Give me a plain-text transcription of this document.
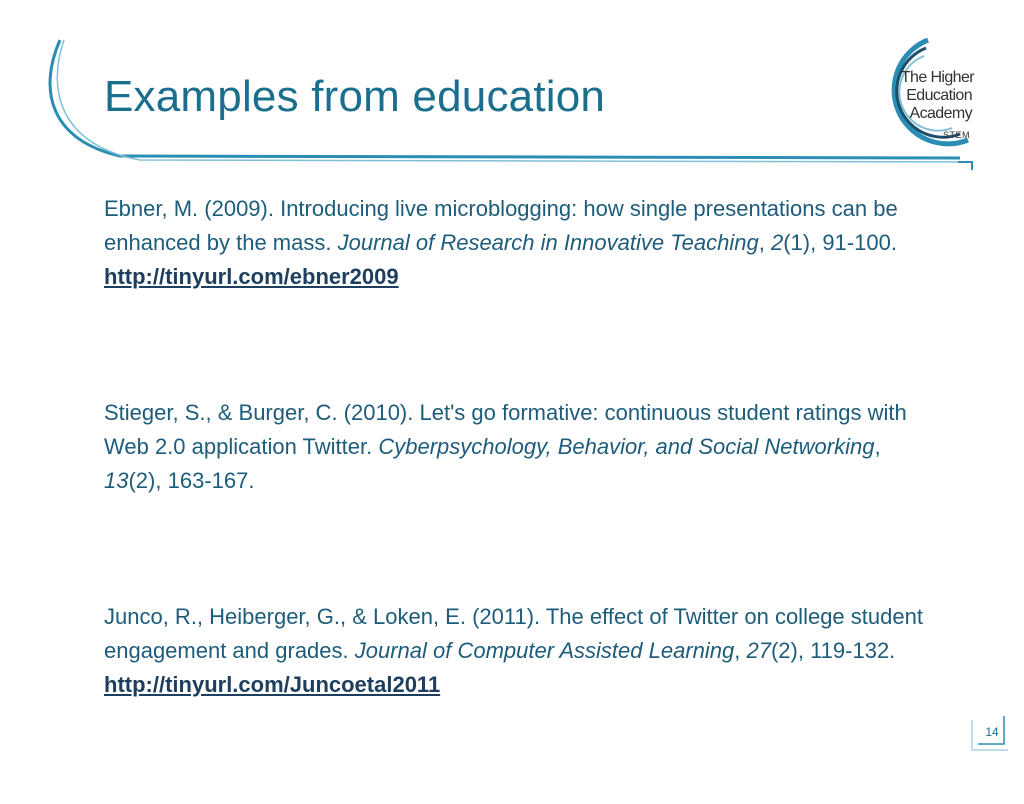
Examples from education	The Higher
Education
Academy
STEM

Ebner, M. (2009). Introducing live microblogging: how single presentations can be enhanced by the mass. Journal of Research in Innovative Teaching, 2(1), 91-100. http://tinyurl.com/ebner2009

Stieger, S., & Burger, C. (2010). Let's go formative: continuous student ratings with Web 2.0 application Twitter. Cyberpsychology, Behavior, and Social Networking, 13(2), 163-167.

Junco, R., Heiberger, G., & Loken, E. (2011). The effect of Twitter on college student engagement and grades. Journal of Computer Assisted Learning, 27(2), 119-132. http://tinyurl.com/Juncoetal2011

14
